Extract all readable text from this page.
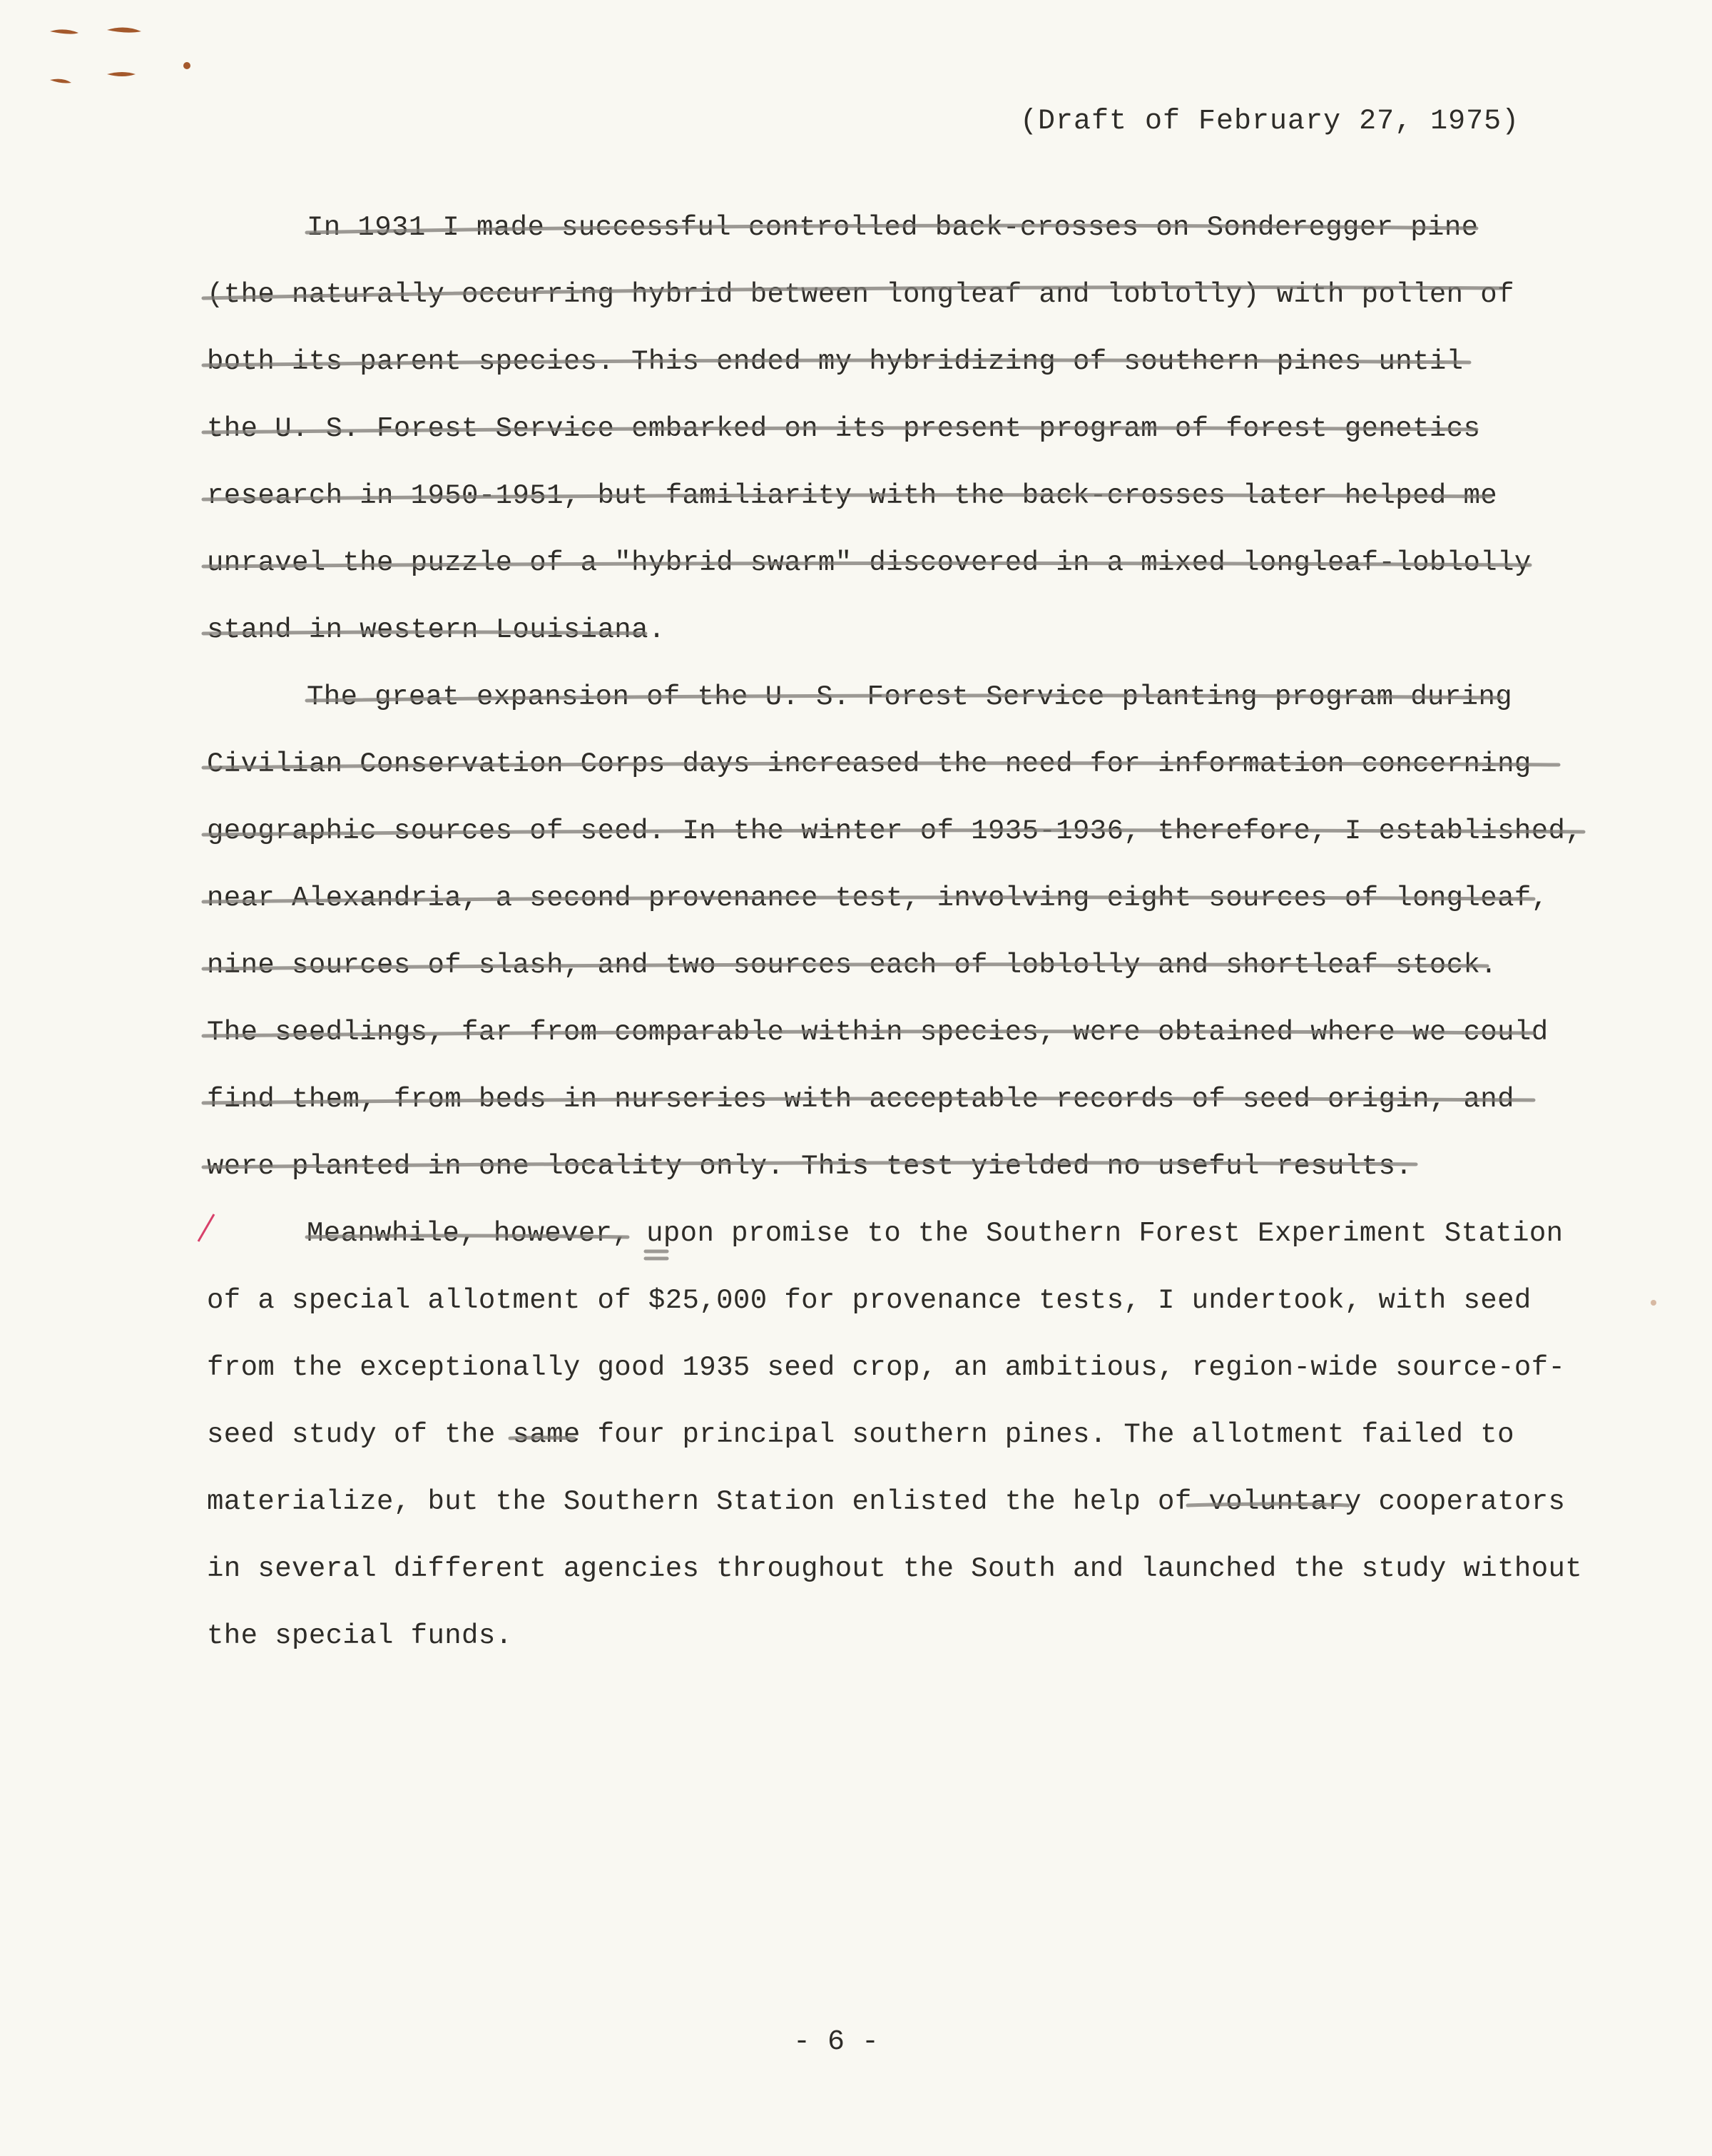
(Draft of February 27, 1975)
In 1931 I made successful controlled back-crosses on Sonderegger pine
(the naturally occurring hybrid between longleaf and loblolly) with pollen of
both its parent species. This ended my hybridizing of southern pines until
the U. S. Forest Service embarked on its present program of forest genetics
research in 1950-1951, but familiarity with the back-crosses later helped me
unravel the puzzle of a "hybrid swarm" discovered in a mixed longleaf-loblolly
stand in western Louisiana.
The great expansion of the U. S. Forest Service planting program during
Civilian Conservation Corps days increased the need for information concerning
geographic sources of seed. In the winter of 1935-1936, therefore, I established,
near Alexandria, a second provenance test, involving eight sources of longleaf,
nine sources of slash, and two sources each of loblolly and shortleaf stock.
The seedlings, far from comparable within species, were obtained where we could
find them, from beds in nurseries with acceptable records of seed origin, and
were planted in one locality only. This test yielded no useful results.
Meanwhile, however, upon promise to the Southern Forest Experiment Station
of a special allotment of $25,000 for provenance tests, I undertook, with seed
from the exceptionally good 1935 seed crop, an ambitious, region-wide source-of-
seed study of the same four principal southern pines. The allotment failed to
materialize, but the Southern Station enlisted the help of voluntary cooperators
in several different agencies throughout the South and launched the study without
the special funds.
- 6 -
